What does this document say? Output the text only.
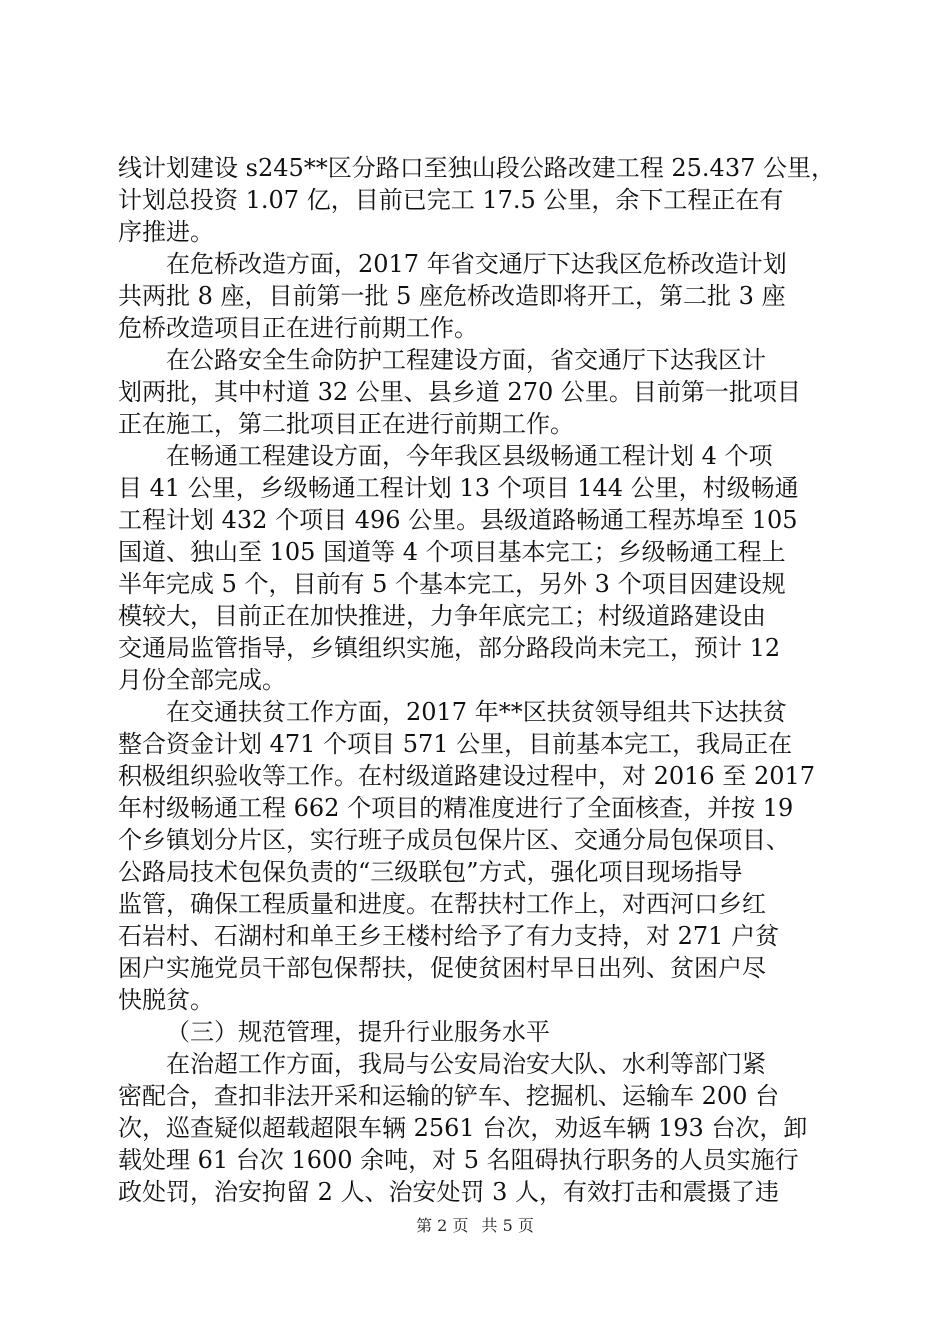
线计划建设 s245**区分路口至独山段公路改建工程 25.437 公里，
计划总投资 1.07 亿，目前已完工 17.5 公里，余下工程正在有
序推进。
在危桥改造方面，2017 年省交通厅下达我区危桥改造计划
共两批 8 座，目前第一批 5 座危桥改造即将开工，第二批 3 座
危桥改造项目正在进行前期工作。
在公路安全生命防护工程建设方面，省交通厅下达我区计
划两批，其中村道 32 公里、县乡道 270 公里。目前第一批项目
正在施工，第二批项目正在进行前期工作。
在畅通工程建设方面，今年我区县级畅通工程计划 4 个项
目 41 公里，乡级畅通工程计划 13 个项目 144 公里，村级畅通
工程计划 432 个项目 496 公里。县级道路畅通工程苏埠至 105
国道、独山至 105 国道等 4 个项目基本完工；乡级畅通工程上
半年完成 5 个，目前有 5 个基本完工，另外 3 个项目因建设规
模较大，目前正在加快推进，力争年底完工；村级道路建设由
交通局监管指导，乡镇组织实施，部分路段尚未完工，预计 12
月份全部完成。
在交通扶贫工作方面，2017 年**区扶贫领导组共下达扶贫
整合资金计划 471 个项目 571 公里，目前基本完工，我局正在
积极组织验收等工作。在村级道路建设过程中，对 2016 至 2017
年村级畅通工程 662 个项目的精准度进行了全面核查，并按 19
个乡镇划分片区，实行班子成员包保片区、交通分局包保项目、
公路局技术包保负责的“三级联包”方式，强化项目现场指导
监管，确保工程质量和进度。在帮扶村工作上，对西河口乡红
石岩村、石湖村和单王乡王楼村给予了有力支持，对 271 户贫
困户实施党员干部包保帮扶，促使贫困村早日出列、贫困户尽
快脱贫。
（三）规范管理，提升行业服务水平
在治超工作方面，我局与公安局治安大队、水利等部门紧
密配合，查扣非法开采和运输的铲车、挖掘机、运输车 200 台
次，巡查疑似超载超限车辆 2561 台次，劝返车辆 193 台次，卸
载处理 61 台次 1600 余吨，对 5 名阻碍执行职务的人员实施行
政处罚，治安拘留 2 人、治安处罚 3 人，有效打击和震摄了违
第 2 页 共 5 页
